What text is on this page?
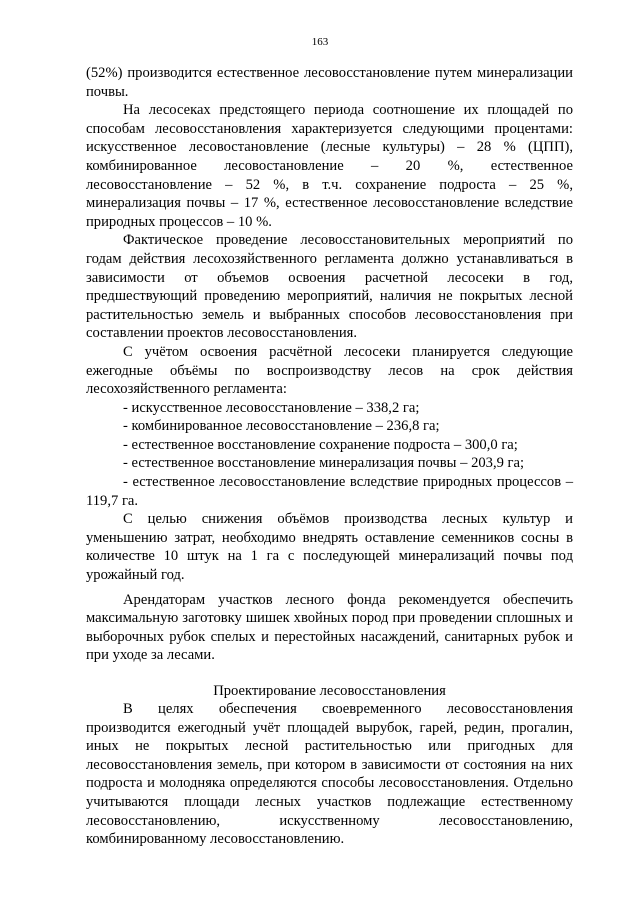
163

(52%) производится естественное лесовосстановление путем минерализации почвы.

На лесосеках предстоящего периода соотношение их площадей по способам лесовосстановления характеризуется следующими процентами: искусственное лесовостановление (лесные культуры) – 28 % (ЦПП), комбинированное лесовостановление – 20 %, естественное лесовосстановление – 52 %, в т.ч. сохранение подроста – 25 %, минерализация почвы – 17 %, естественное лесовосстановление вследствие природных процессов – 10 %.

Фактическое проведение лесовосстановительных мероприятий по годам действия лесохозяйственного регламента должно устанавливаться в зависимости от объемов освоения расчетной лесосеки в год, предшествующий проведению мероприятий, наличия не покрытых лесной растительностью земель и выбранных способов лесовосстановления при составлении проектов лесовосстановления.

С учётом освоения расчётной лесосеки планируется следующие ежегодные объёмы по воспроизводству лесов на срок действия лесохозяйственного регламента:

- искусственное лесовосстановление – 338,2 га;

- комбинированное лесовосстановление – 236,8 га;

- естественное восстановление сохранение подроста – 300,0 га;

- естественное восстановление минерализация почвы – 203,9 га;

- естественное лесовосстановление вследствие природных процессов – 119,7 га.

С целью снижения объёмов производства лесных культур и уменьшению затрат, необходимо внедрять оставление семенников сосны в количестве 10 штук на 1 га с последующей минерализаций почвы под урожайный год.

Арендаторам участков лесного фонда рекомендуется обеспечить максимальную заготовку шишек хвойных пород при проведении сплошных и выборочных рубок спелых и перестойных насаждений, санитарных рубок и при уходе за лесами.

Проектирование лесовосстановления

В целях обеспечения своевременного лесовосстановления производится ежегодный учёт площадей вырубок, гарей, редин, прогалин, иных не покрытых лесной растительностью или пригодных для лесовосстановления земель, при котором в зависимости от состояния на них подроста и молодняка определяются способы лесовосстановления. Отдельно учитываются площади лесных участков подлежащие естественному лесовосстановлению, искусственному лесовосстановлению, комбинированному лесовосстановлению.
